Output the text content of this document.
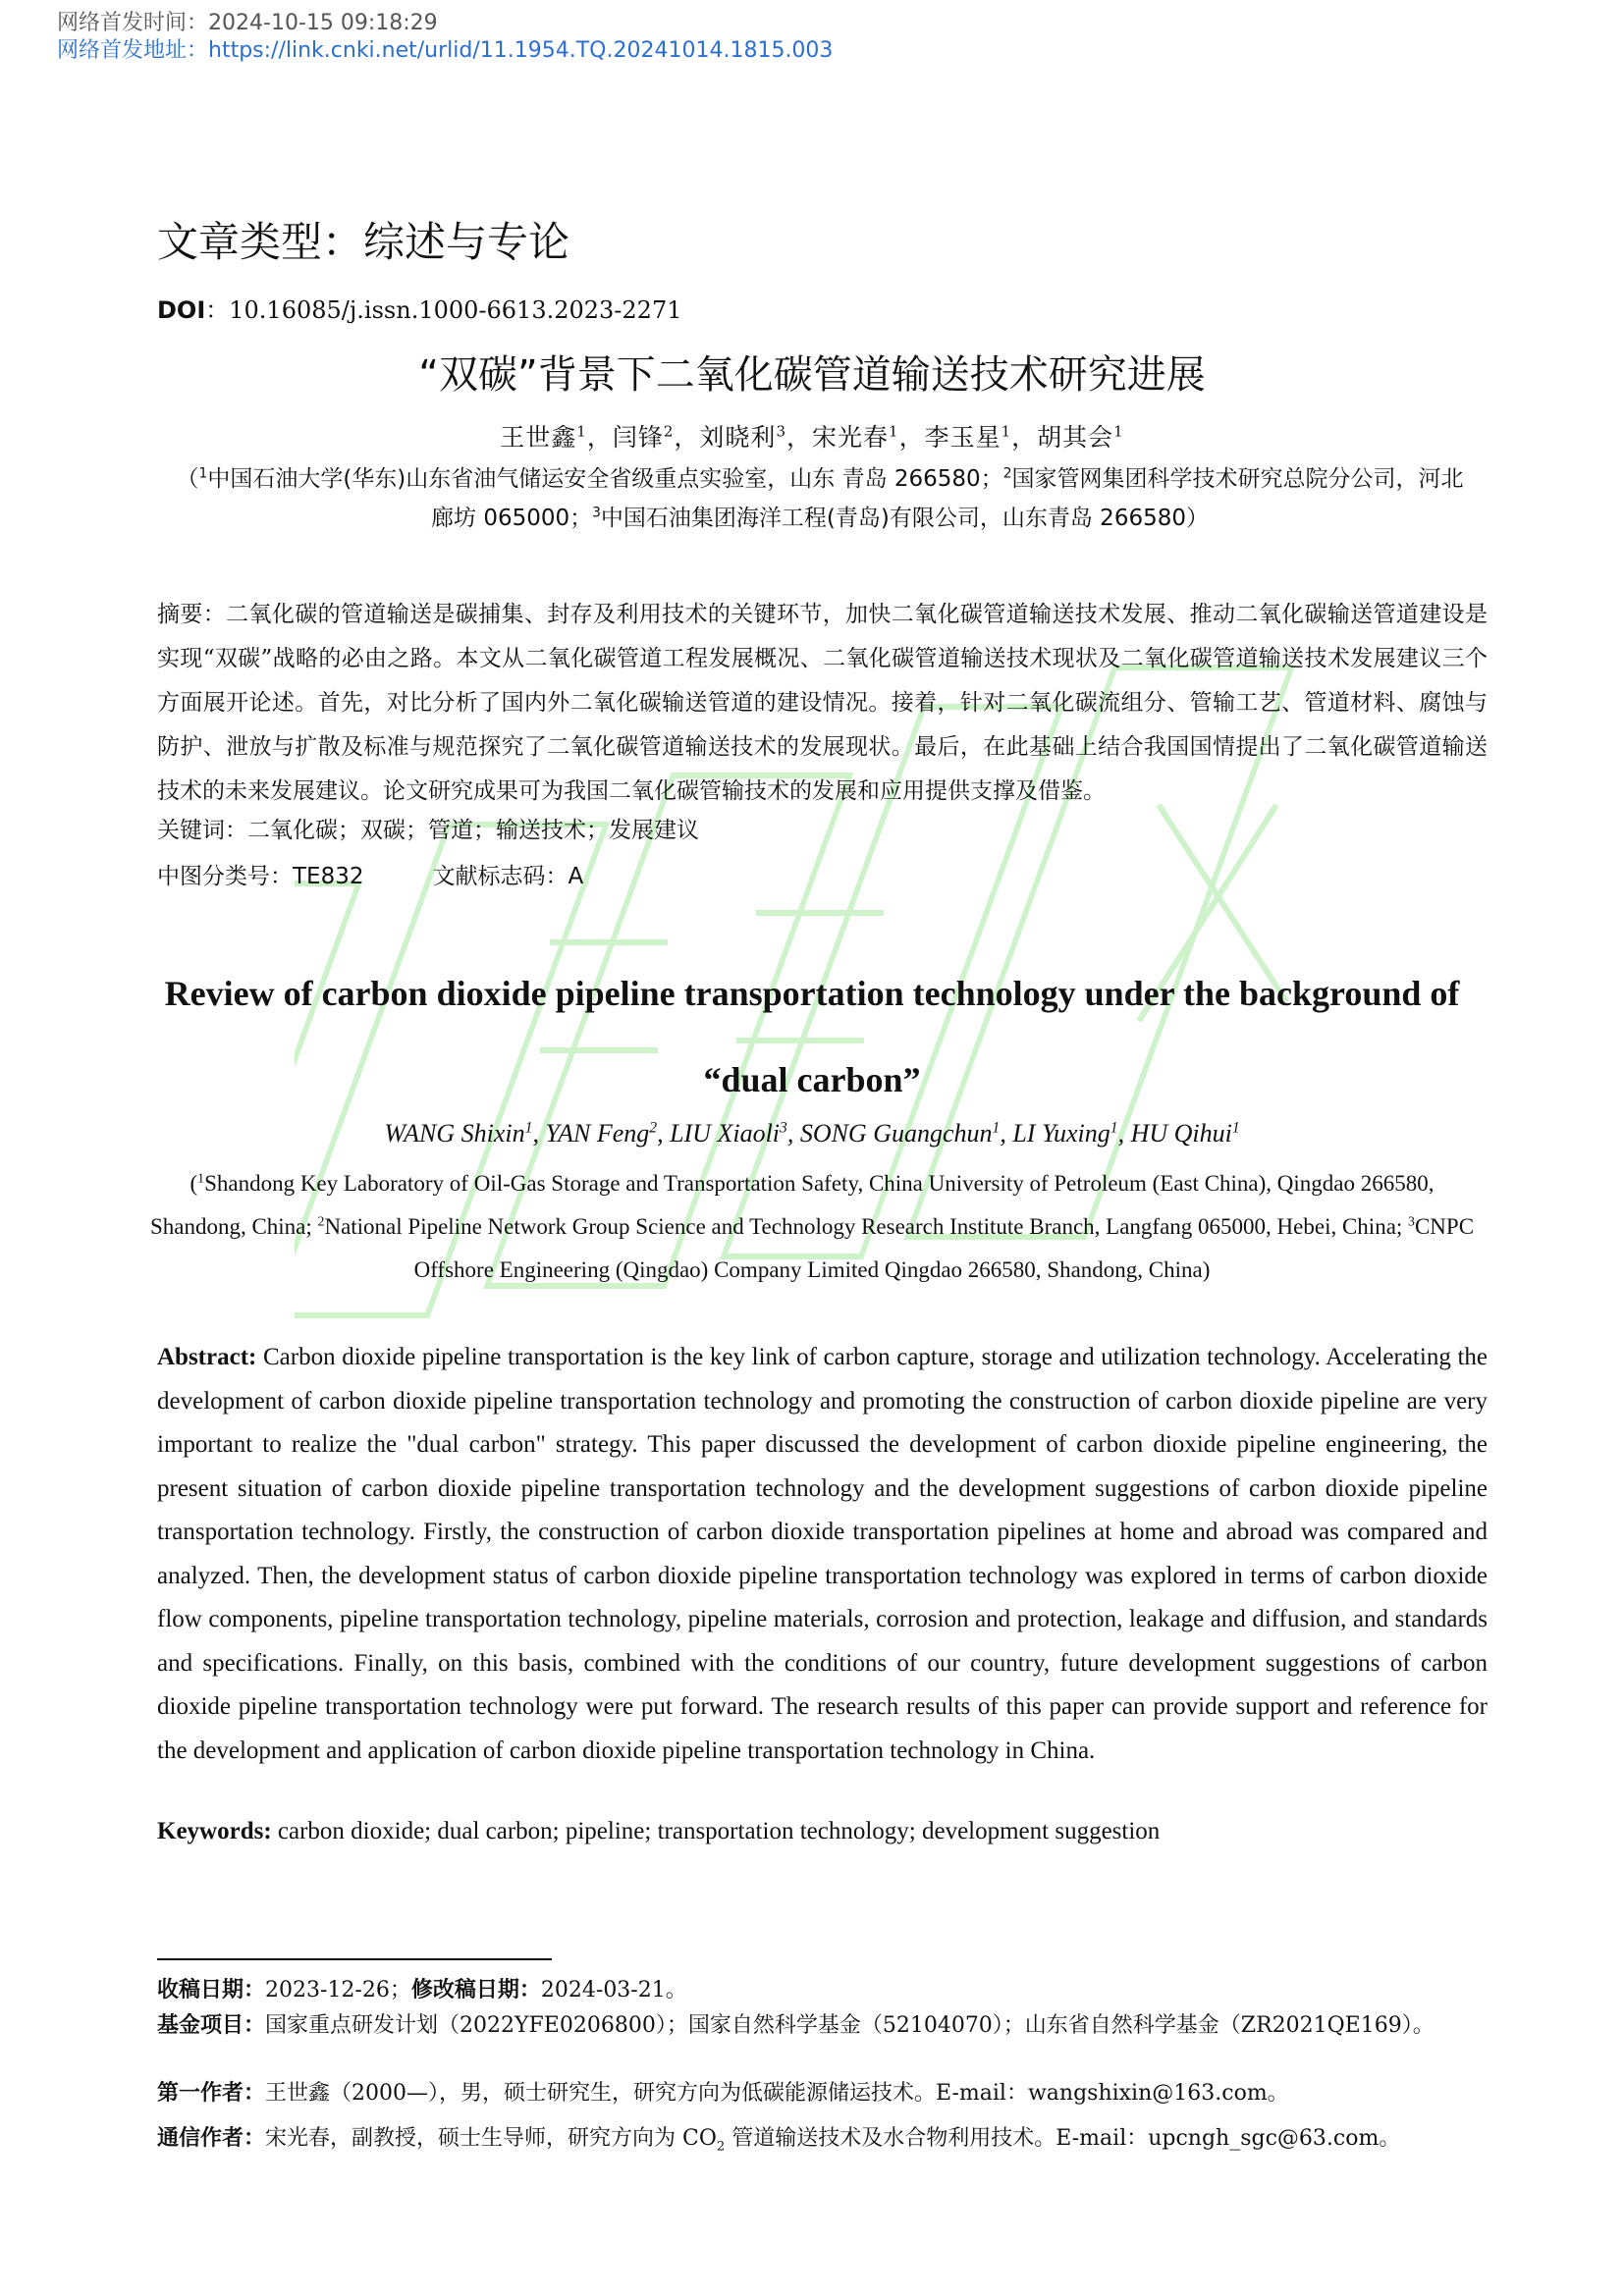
网络首发时间：2024-10-15 09:18:29
网络首发地址：https://link.cnki.net/urlid/11.1954.TQ.20241014.1815.003
文章类型：综述与专论
DOI：10.16085/j.issn.1000-6613.2023-2271
“双碳”背景下二氧化碳管道输送技术研究进展
王世鑫$^1$，闫锋$^2$，刘晓利$^3$，宋光春$^1$，李玉星$^1$，胡其会$^1$
（$^1$中国石油大学(华东)山东省油气储运安全省级重点实验室，山东 青岛 266580；$^2$国家管网集团科学技术研究总院分公司，河北 廊坊 065000；$^3$中国石油集团海洋工程(青岛)有限公司，山东青岛 266580）
摘要：二氧化碳的管道输送是碳捕集、封存及利用技术的关键环节，加快二氧化碳管道输送技术发展、推动二氧化碳输送管道建设是实现“双碳”战略的必由之路。本文从二氧化碳管道工程发展概况、二氧化碳管道输送技术现状及二氧化碳管道输送技术发展建议三个方面展开论述。首先，对比分析了国内外二氧化碳输送管道的建设情况。接着，针对二氧化碳流组分、管输工艺、管道材料、腐蚀与防护、泄放与扩散及标准与规范探究了二氧化碳管道输送技术的发展现状。最后，在此基础上结合我国国情提出了二氧化碳管道输送技术的未来发展建议。论文研究成果可为我国二氧化碳管输技术的发展和应用提供支撑及借鉴。
关键词：二氧化碳；双碳；管道；输送技术；发展建议
中图分类号：TE832	文献标志码：A
Review of carbon dioxide pipeline transportation technology under the background of “dual carbon”
WANG Shixin$^1$, YAN Feng$^2$, LIU Xiaoli$^3$, SONG Guangchun$^1$, LI Yuxing$^1$, HU Qihui$^1$
($^1$Shandong Key Laboratory of Oil-Gas Storage and Transportation Safety, China University of Petroleum (East China), Qingdao 266580, Shandong, China; $^2$National Pipeline Network Group Science and Technology Research Institute Branch, Langfang 065000, Hebei, China; $^3$CNPC Offshore Engineering (Qingdao) Company Limited Qingdao 266580, Shandong, China)
Abstract: Carbon dioxide pipeline transportation is the key link of carbon capture, storage and utilization technology. Accelerating the development of carbon dioxide pipeline transportation technology and promoting the construction of carbon dioxide pipeline are very important to realize the "dual carbon" strategy. This paper discussed the development of carbon dioxide pipeline engineering, the present situation of carbon dioxide pipeline transportation technology and the development suggestions of carbon dioxide pipeline transportation technology. Firstly, the construction of carbon dioxide transportation pipelines at home and abroad was compared and analyzed. Then, the development status of carbon dioxide pipeline transportation technology was explored in terms of carbon dioxide flow components, pipeline transportation technology, pipeline materials, corrosion and protection, leakage and diffusion, and standards and specifications. Finally, on this basis, combined with the conditions of our country, future development suggestions of carbon dioxide pipeline transportation technology were put forward. The research results of this paper can provide support and reference for the development and application of carbon dioxide pipeline transportation technology in China.
Keywords: carbon dioxide; dual carbon; pipeline; transportation technology; development suggestion
收稿日期：2023-12-26；修改稿日期：2024-03-21。
基金项目：国家重点研发计划（2022YFE0206800）；国家自然科学基金（52104070）；山东省自然科学基金（ZR2021QE169）。
第一作者：王世鑫（2000—），男，硕士研究生，研究方向为低碳能源储运技术。E-mail：wangshixin@163.com。
通信作者：宋光春，副教授，硕士生导师，研究方向为 $CO_2$ 管道输送技术及水合物利用技术。E-mail：upcngh_sgc@63.com。
